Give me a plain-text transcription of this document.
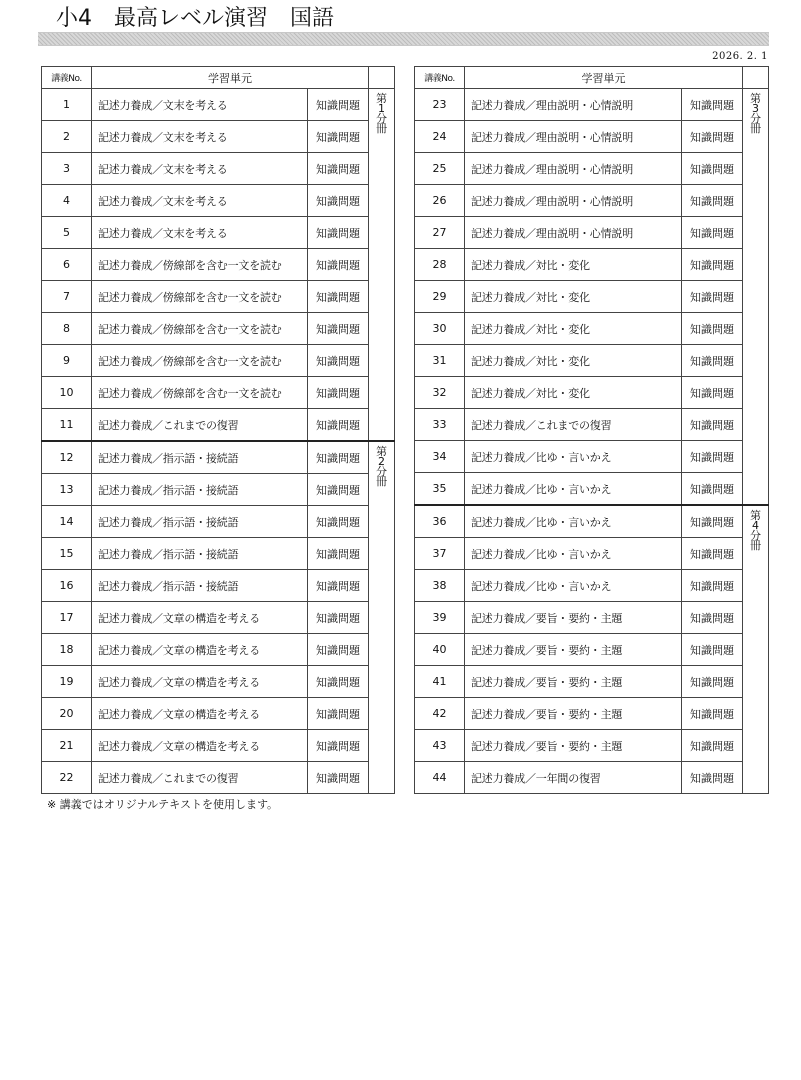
小4　最高レベル演習　国語
2026. 2. 1
講義No.	学習単元		
1	記述力養成／文末を考える	知識問題	第1分冊
2	記述力養成／文末を考える	知識問題	
3	記述力養成／文末を考える	知識問題	
4	記述力養成／文末を考える	知識問題	
5	記述力養成／文末を考える	知識問題	
6	記述力養成／傍線部を含む一文を読む	知識問題	
7	記述力養成／傍線部を含む一文を読む	知識問題	
8	記述力養成／傍線部を含む一文を読む	知識問題	
9	記述力養成／傍線部を含む一文を読む	知識問題	
10	記述力養成／傍線部を含む一文を読む	知識問題	
11	記述力養成／これまでの復習	知識問題	
12	記述力養成／指示語・接続語	知識問題	第2分冊
13	記述力養成／指示語・接続語	知識問題	
14	記述力養成／指示語・接続語	知識問題	
15	記述力養成／指示語・接続語	知識問題	
16	記述力養成／指示語・接続語	知識問題	
17	記述力養成／文章の構造を考える	知識問題	
18	記述力養成／文章の構造を考える	知識問題	
19	記述力養成／文章の構造を考える	知識問題	
20	記述力養成／文章の構造を考える	知識問題	
21	記述力養成／文章の構造を考える	知識問題	
22	記述力養成／これまでの復習	知識問題	
講義No.	学習単元		
23	記述力養成／理由説明・心情説明	知識問題	第3分冊
24	記述力養成／理由説明・心情説明	知識問題	
25	記述力養成／理由説明・心情説明	知識問題	
26	記述力養成／理由説明・心情説明	知識問題	
27	記述力養成／理由説明・心情説明	知識問題	
28	記述力養成／対比・変化	知識問題	
29	記述力養成／対比・変化	知識問題	
30	記述力養成／対比・変化	知識問題	
31	記述力養成／対比・変化	知識問題	
32	記述力養成／対比・変化	知識問題	
33	記述力養成／これまでの復習	知識問題	
34	記述力養成／比ゆ・言いかえ	知識問題	
35	記述力養成／比ゆ・言いかえ	知識問題	
36	記述力養成／比ゆ・言いかえ	知識問題	第4分冊
37	記述力養成／比ゆ・言いかえ	知識問題	
38	記述力養成／比ゆ・言いかえ	知識問題	
39	記述力養成／要旨・要約・主題	知識問題	
40	記述力養成／要旨・要約・主題	知識問題	
41	記述力養成／要旨・要約・主題	知識問題	
42	記述力養成／要旨・要約・主題	知識問題	
43	記述力養成／要旨・要約・主題	知識問題	
44	記述力養成／一年間の復習	知識問題	
※ 講義ではオリジナルテキストを使用します。
